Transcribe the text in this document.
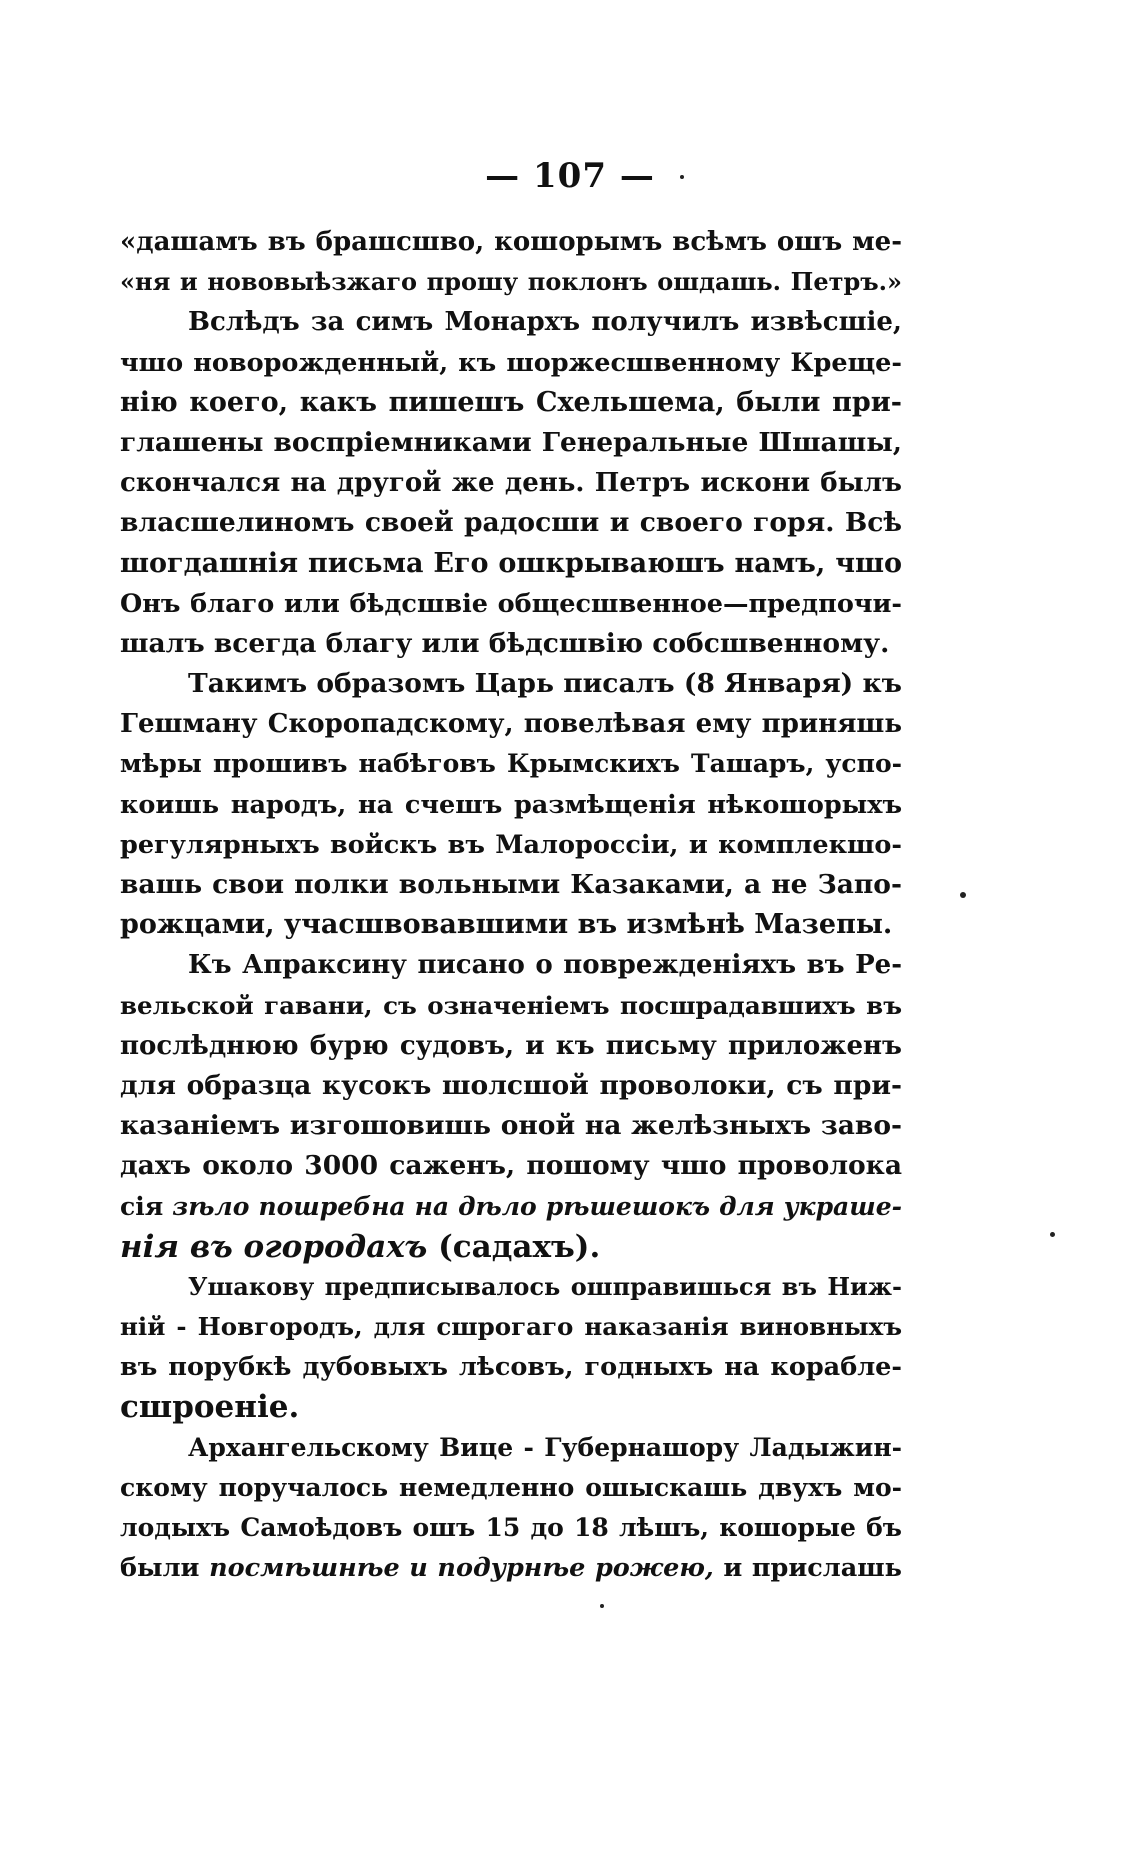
— 107 —
«дашамъ въ брашсшво, кошорымъ всѣмъ ошъ ме-
«ня и нововыѣзжаго прошу поклонъ ошдашь. Петръ.»
Вслѣдъ за симъ Монархъ получилъ извѣсшіе,
чшо новорожденный, къ шоржесшвенному Креще-
нію коего, какъ пишешъ Схельшема, были при-
глашены воспріемниками Генеральные Шшашы,
скончался на другой же день. Петръ искони былъ
власшелиномъ своей радосши и своего горя. Всѣ
шогдашнія письма Его ошкрываюшъ намъ, чшо
Онъ благо или бѣдсшвіе общесшвенное—предпочи-
шалъ всегда благу или бѣдсшвію собсшвенному.
Такимъ образомъ Царь писалъ (8 Января) къ
Гешману Скоропадскому, повелѣвая ему приняшь
мѣры прошивъ набѣговъ Крымскихъ Ташаръ, успо-
коишь народъ, на счешъ размѣщенія нѣкошорыхъ
регулярныхъ войскъ въ Малороссіи, и комплекшо-
вашь свои полки вольными Казаками, а не Запо-
рожцами, учасшвовавшими въ измѣнѣ Мазепы.
Къ Апраксину писано о поврежденіяхъ въ Ре-
вельской гавани, съ означеніемъ посшрадавшихъ въ
послѣднюю бурю судовъ, и къ письму приложенъ
для образца кусокъ шолсшой проволоки, съ при-
казаніемъ изгошовишь оной на желѣзныхъ заво-
дахъ около 3000 саженъ, пошому чшо проволока
сія зѣло пошребна на дѣло рѣшешокъ для украше-
нія въ огородахъ (садахъ).
Ушакову предписывалось ошправишься въ Ниж-
ній - Новгородъ, для сшрогаго наказанія виновныхъ
въ порубкѣ дубовыхъ лѣсовъ, годныхъ на корабле-
сшроеніе.
Архангельскому Вице - Губернашору Ладыжин-
скому поручалось немедленно ошыскашь двухъ мо-
лодыхъ Самоѣдовъ ошъ 15 до 18 лѣшъ, кошорые бъ
были посмѣшнѣе и подурнѣе рожею, и прислашь
